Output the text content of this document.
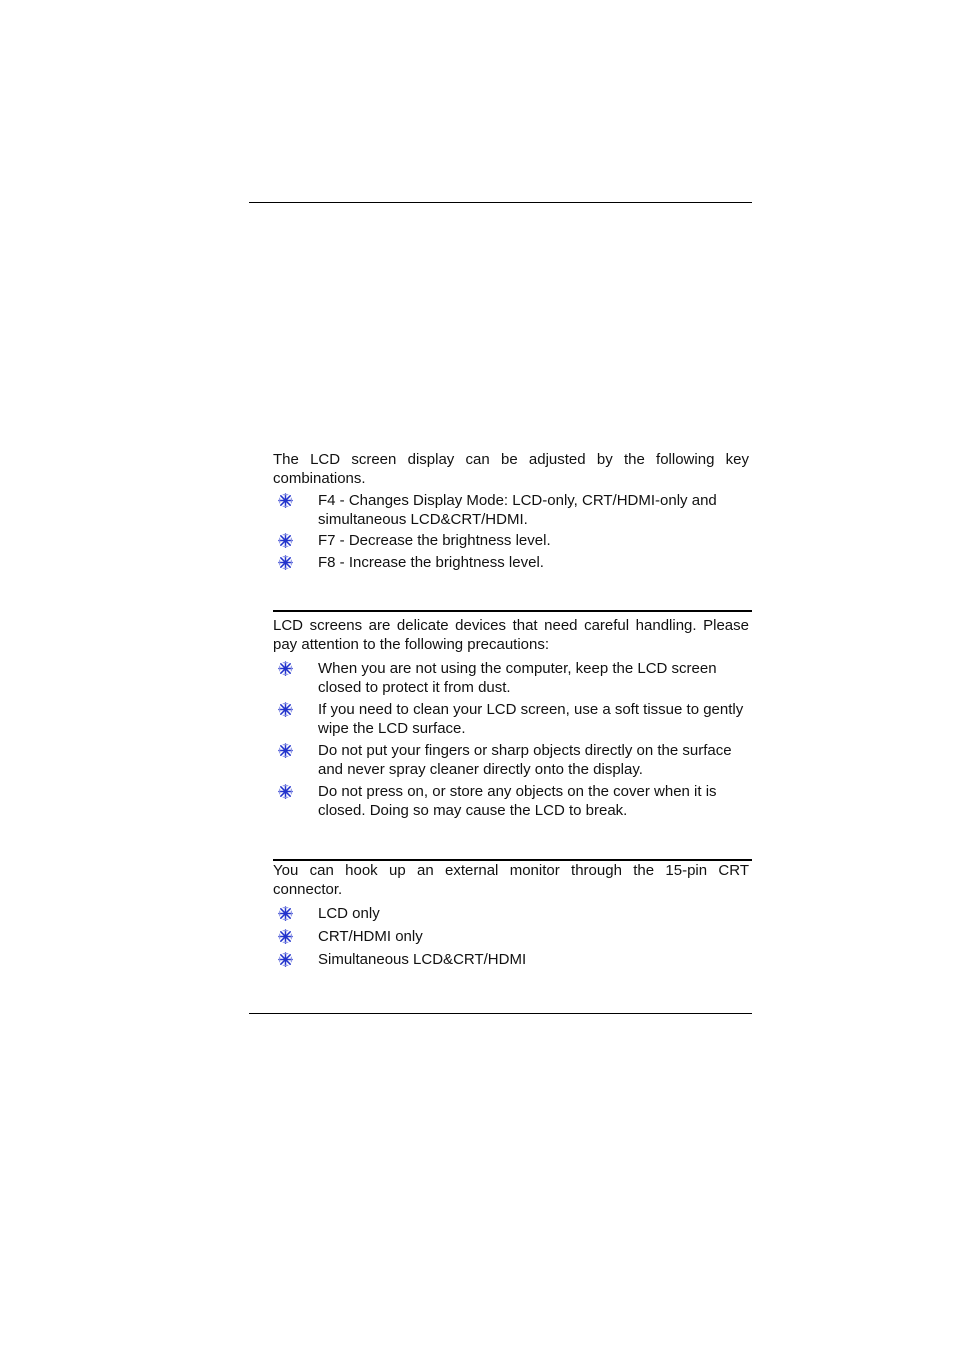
The LCD screen display can be adjusted by the following key combinations.

F4 - Changes Display Mode: LCD-only, CRT/HDMI-only and simultaneous LCD&CRT/HDMI.
F7 - Decrease the brightness level.
F8 - Increase the brightness level.

LCD screens are delicate devices that need careful handling. Please pay attention to the following precautions:

When you are not using the computer, keep the LCD screen closed to protect it from dust.
If you need to clean your LCD screen, use a soft tissue to gently wipe the LCD surface.
Do not put your fingers or sharp objects directly on the surface and never spray cleaner directly onto the display.
Do not press on, or store any objects on the cover when it is closed. Doing so may cause the LCD to break.

You can hook up an external monitor through the 15-pin CRT connector.

LCD only
CRT/HDMI only
Simultaneous LCD&CRT/HDMI
